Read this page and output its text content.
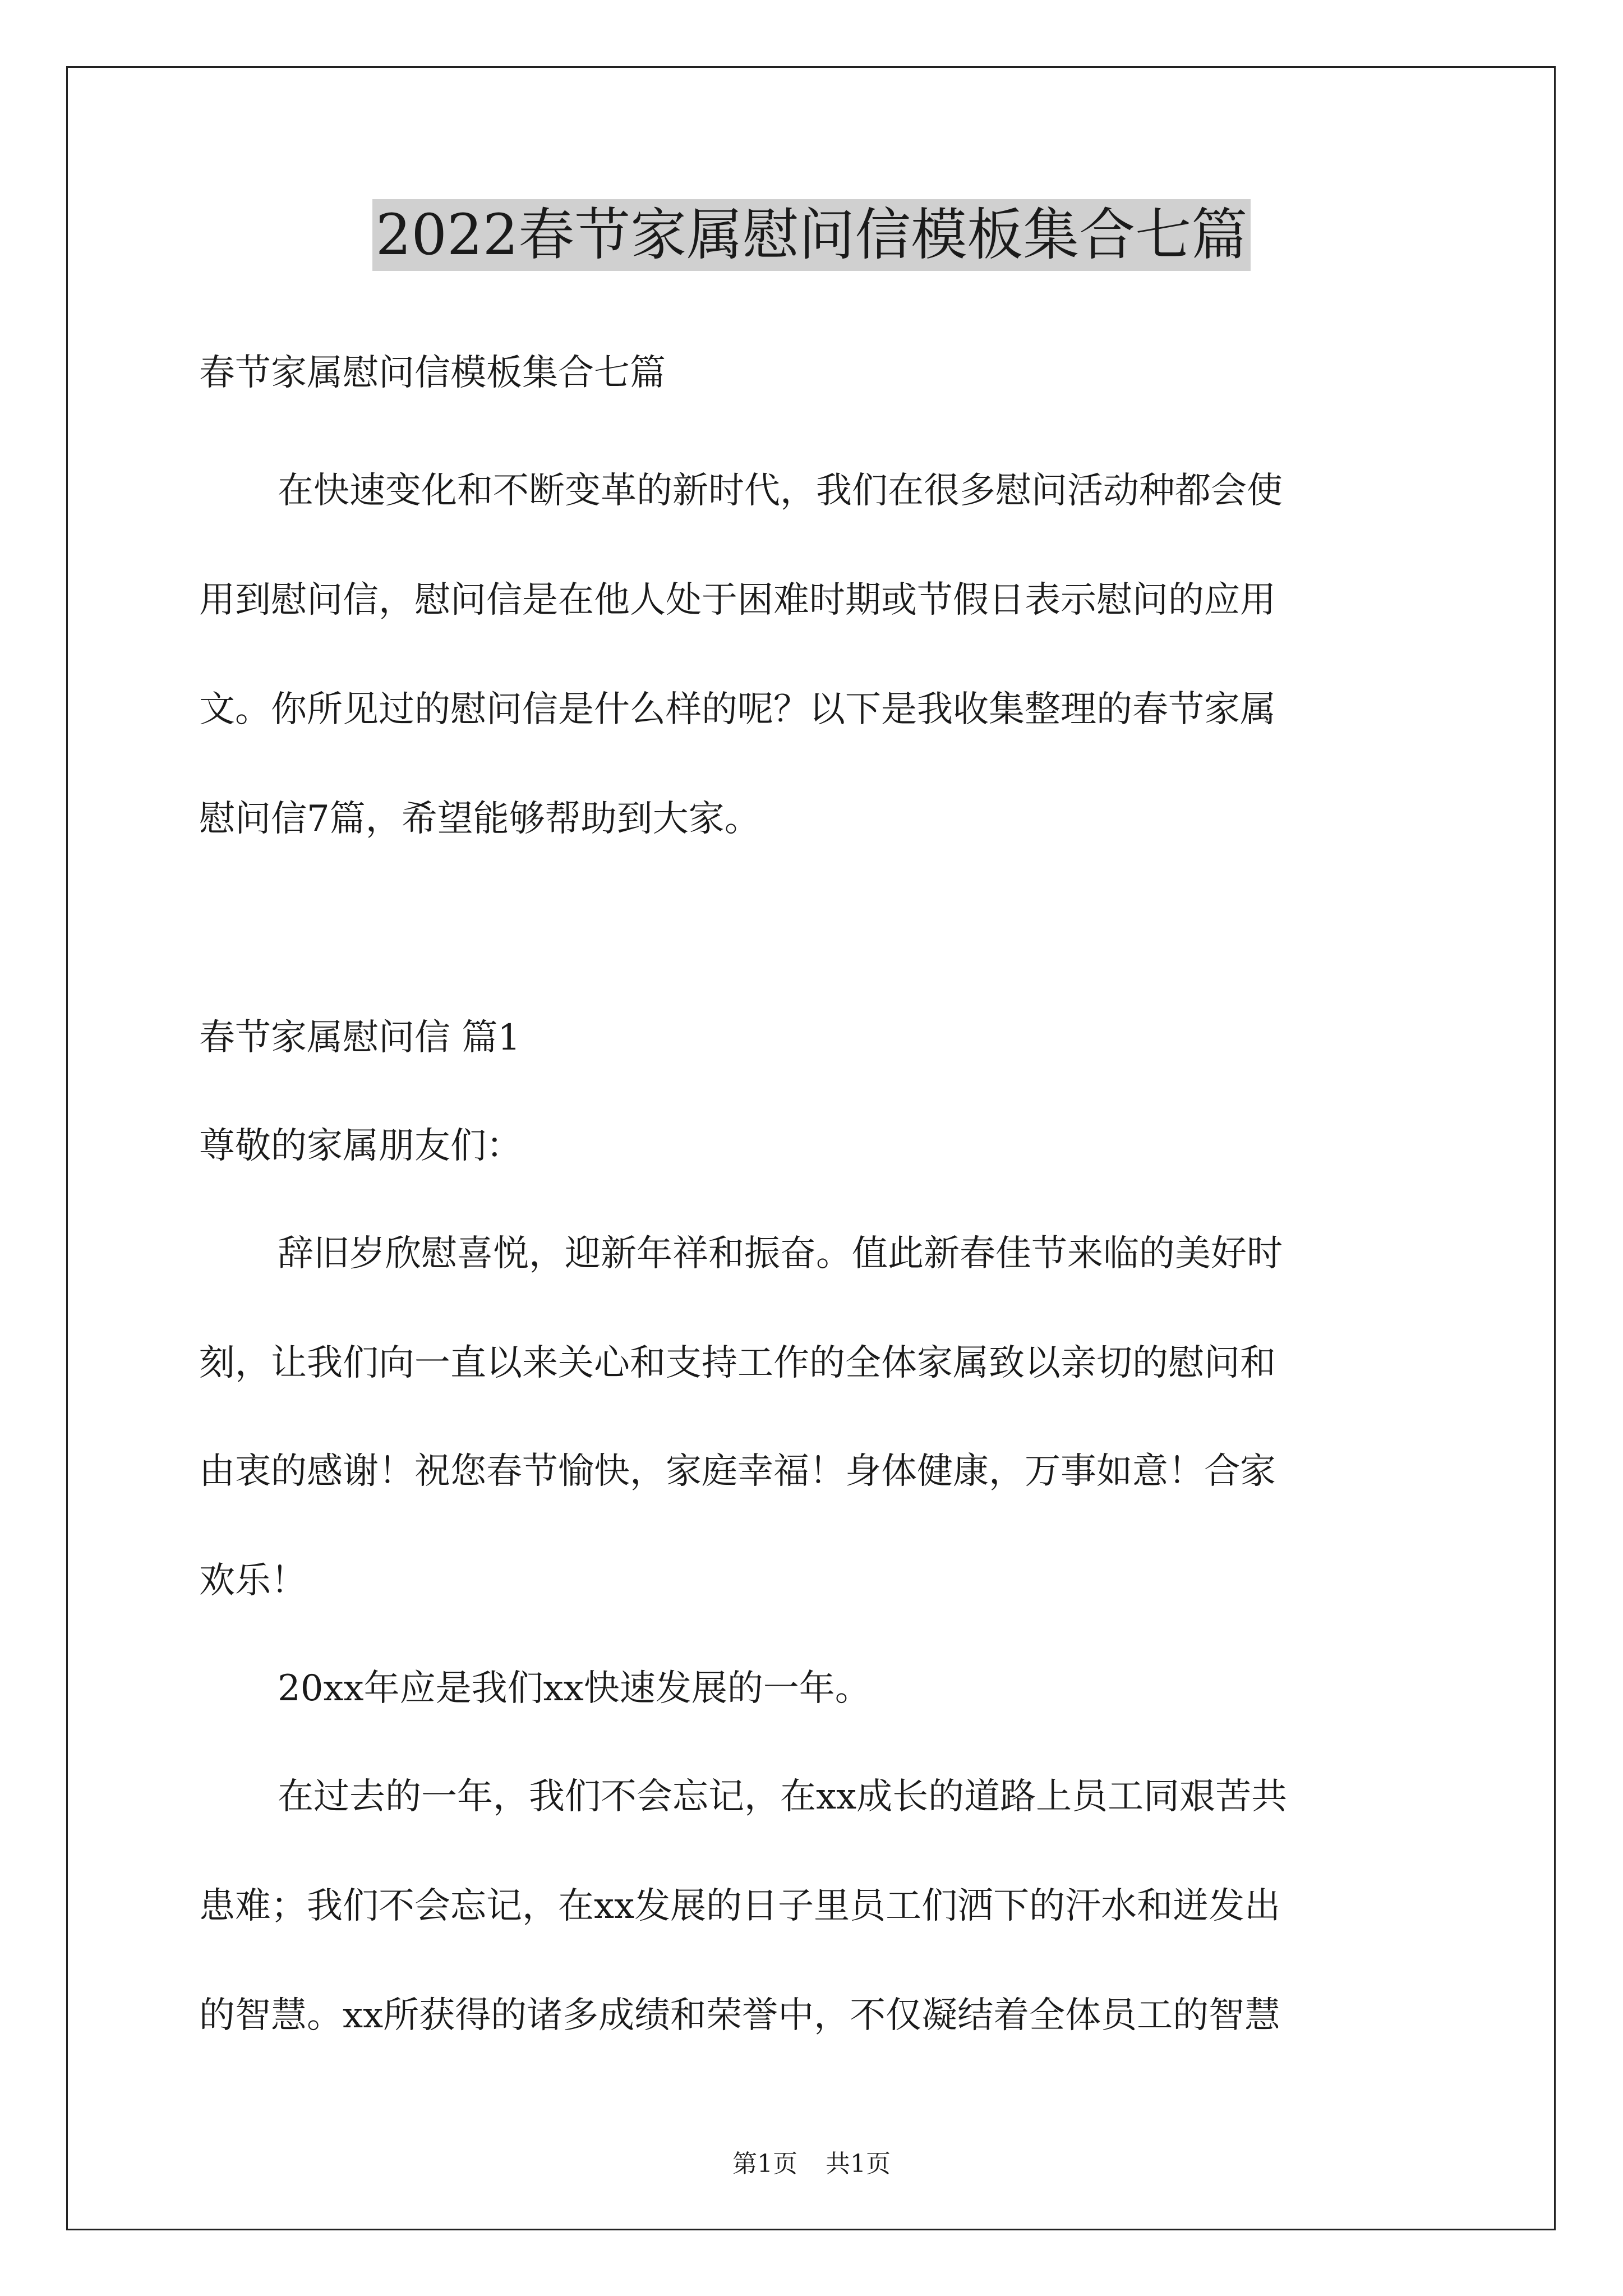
2022春节家属慰问信模板集合七篇
春节家属慰问信模板集合七篇
在快速变化和不断变革的新时代，我们在很多慰问活动种都会使
用到慰问信，慰问信是在他人处于困难时期或节假日表示慰问的应用
文。你所见过的慰问信是什么样的呢？以下是我收集整理的春节家属
慰问信7篇，希望能够帮助到大家。
春节家属慰问信 篇1
尊敬的家属朋友们：
辞旧岁欣慰喜悦，迎新年祥和振奋。值此新春佳节来临的美好时
刻，让我们向一直以来关心和支持工作的全体家属致以亲切的慰问和
由衷的感谢！祝您春节愉快，家庭幸福！身体健康，万事如意！合家
欢乐！
20xx年应是我们xx快速发展的一年。
在过去的一年，我们不会忘记，在xx成长的道路上员工同艰苦共
患难；我们不会忘记，在xx发展的日子里员工们洒下的汗水和迸发出
的智慧。xx所获得的诸多成绩和荣誉中，不仅凝结着全体员工的智慧
第1页 共1页
